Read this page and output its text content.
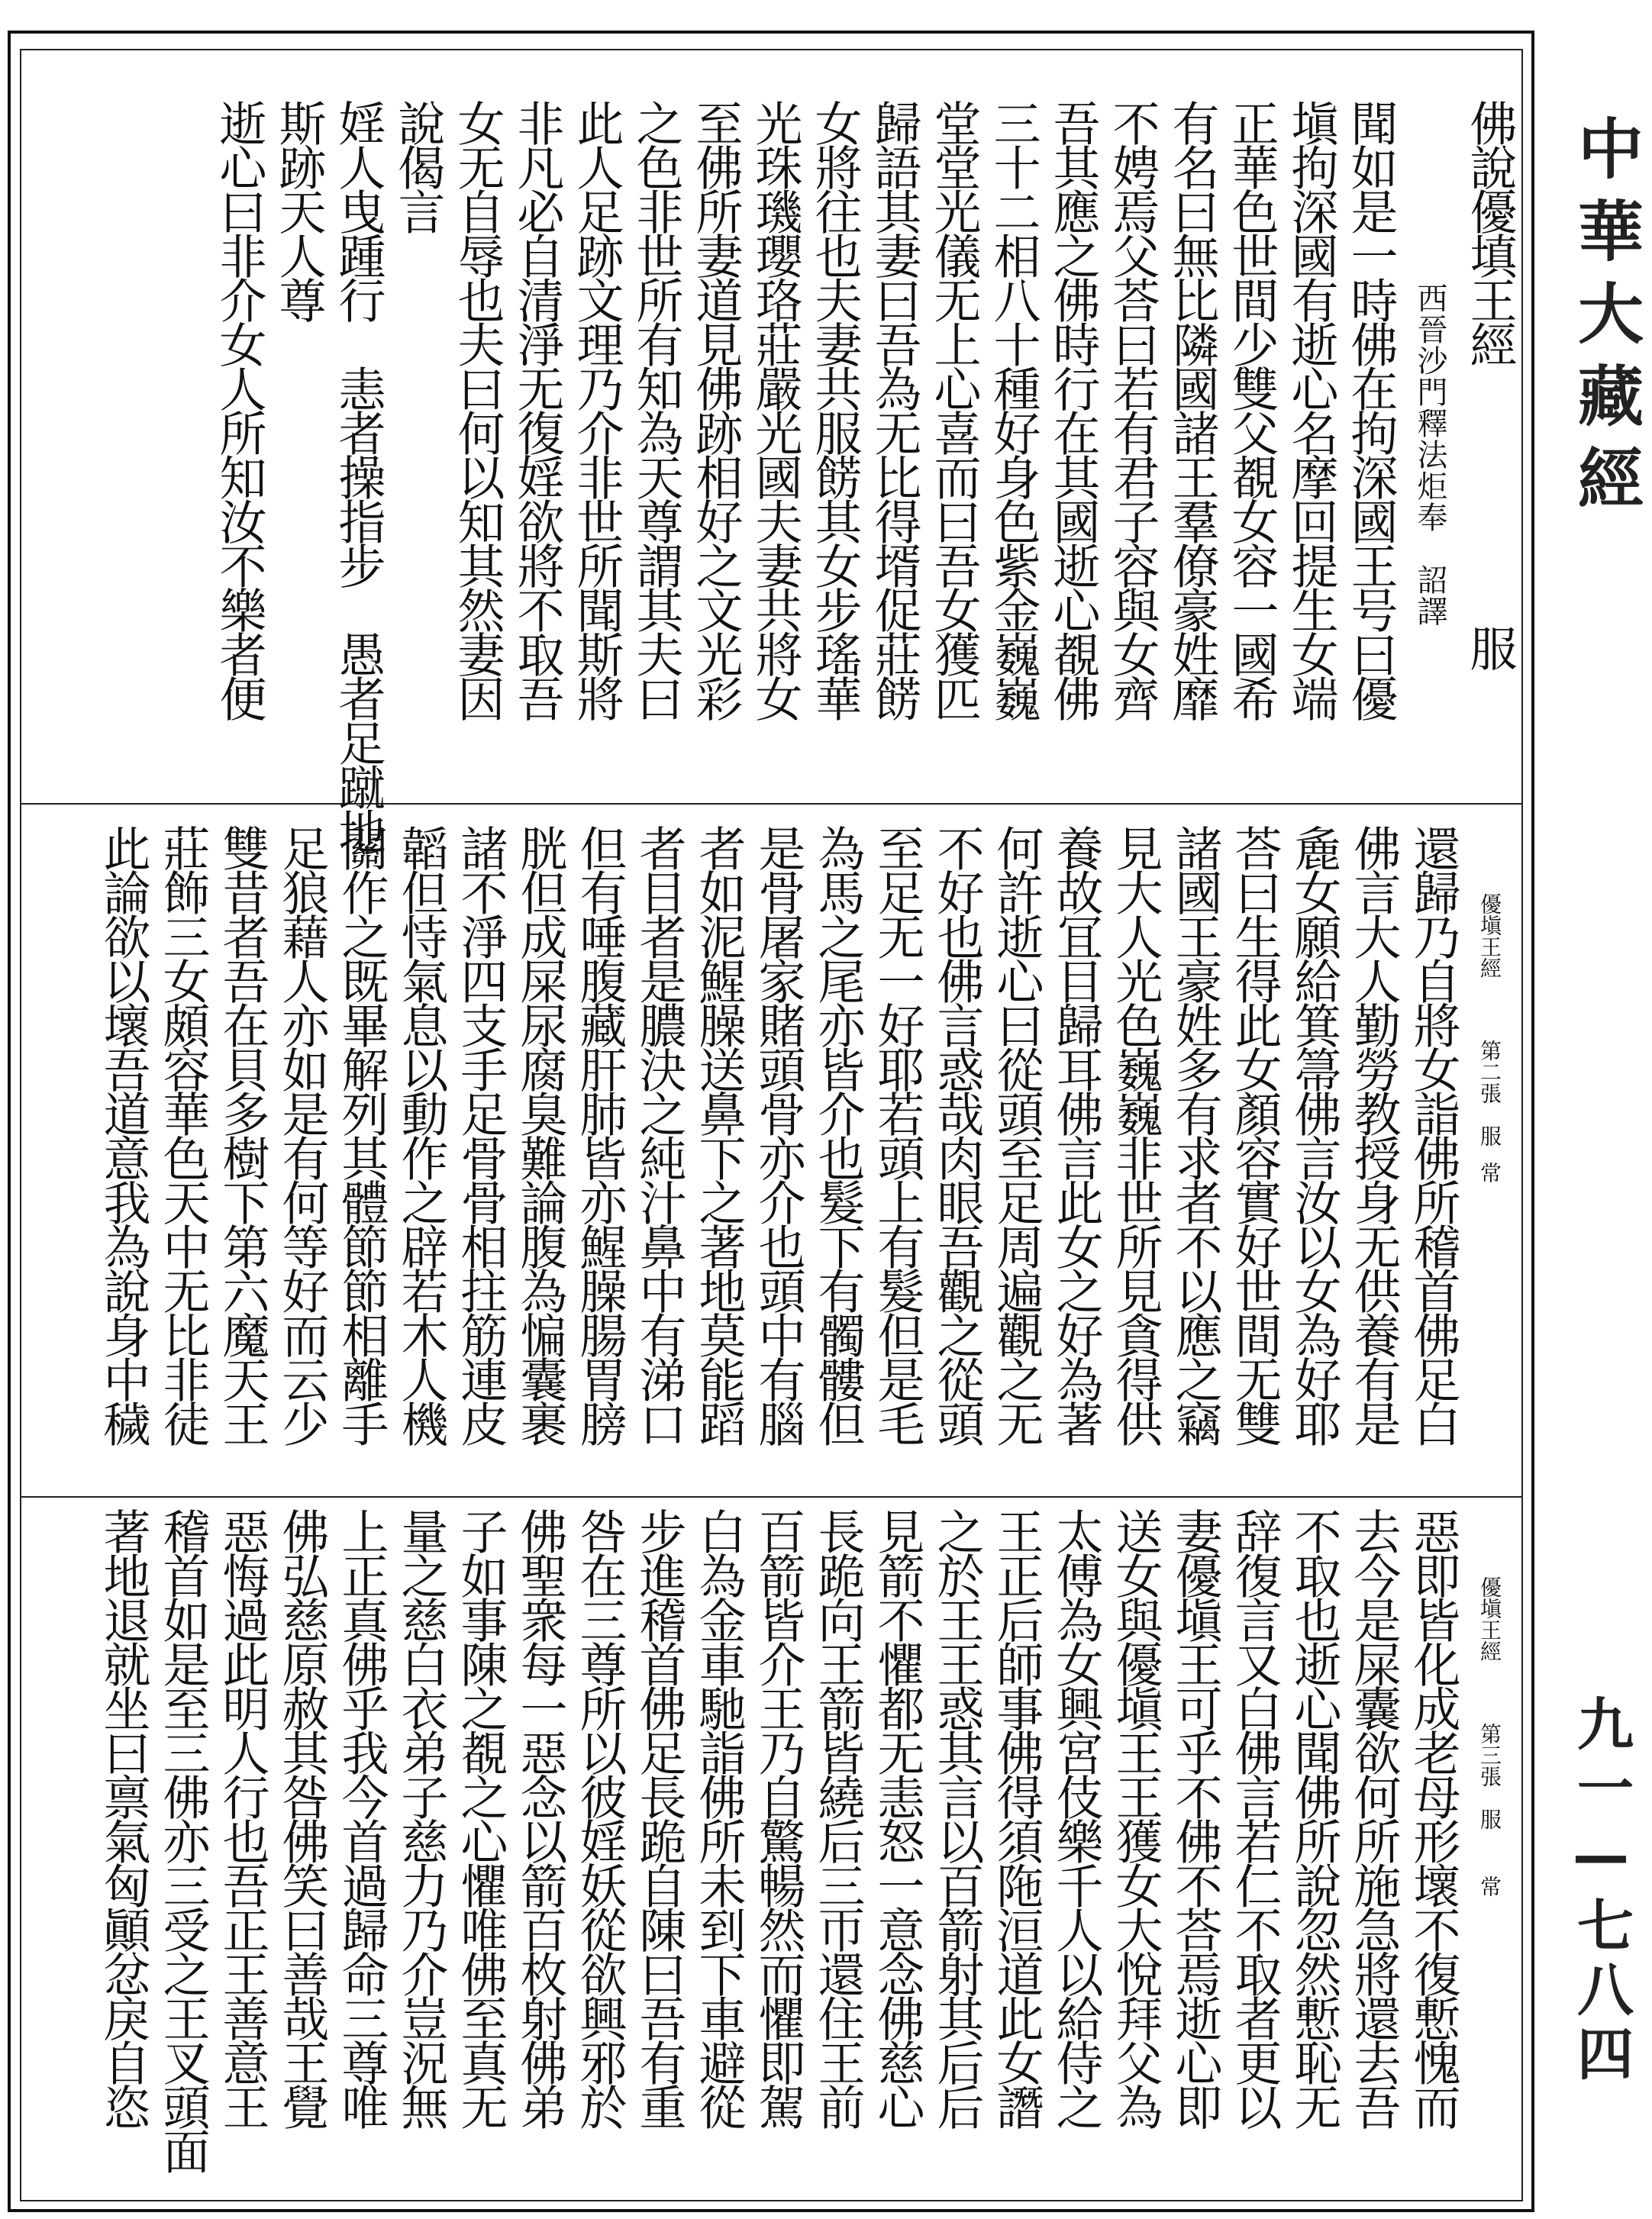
佛說優填王經服
西晉沙門釋法炬奉　詔譯
聞如是一時佛在拘深國王号曰優
塡拘深國有逝心名摩回提生女端
正華色世間少雙父覩女容一國希
有名曰無比隣國諸王羣僚豪姓靡
不娉焉父荅曰若有君子容與女齊
吾其應之佛時行在其國逝心覩佛
三十二相八十種好身色紫金巍巍
堂堂光儀无上心喜而曰吾女獲匹
歸語其妻曰吾為无比得壻促莊餝
女將往也夫妻共服餝其女步瑤華
光珠璣瓔珞莊嚴光國夫妻共將女
至佛所妻道見佛跡相好之文光彩
之色非世所有知為天尊謂其夫曰
此人足跡文理乃介非世所聞斯將
非凡必自清淨无復婬欲將不取吾
女无自辱也夫曰何以知其然妻因
說偈言
婬人曳踵行　恚者操指步　愚者足蹴地
斯跡天人尊
逝心曰非介女人所知汝不樂者便
優塡王經第二張　服常
還歸乃自將女詣佛所稽首佛足白
佛言大人勤勞教授身无供養有是
麁女願給箕箒佛言汝以女為好耶
荅曰生得此女顏容實好世間无雙
諸國王豪姓多有求者不以應之竊
見大人光色巍巍非世所見貪得供
養故冝目歸耳佛言此女之好為著
何許逝心曰從頭至足周遍觀之无
不好也佛言惑哉肉眼吾觀之從頭
至足无一好耶若頭上有髮但是毛
為馬之尾亦皆介也髮下有髑髏但
是骨屠家賭頭骨亦介也頭中有腦
者如泥鯹臊送鼻下之著地莫能蹈
者目者是膿決之純汁鼻中有涕口
但有唾腹藏肝肺皆亦鯹臊腸胃膀
胱但成屎尿腐臭難論腹為惼囊裹
諸不淨四支手足骨骨相拄筋連皮
韜但恃氣息以動作之辟若木人機
關作之既畢解列其體節節相離手
足狼藉人亦如是有何等好而云少
雙昔者吾在貝多樹下第六魔天王
莊飾三女頗容華色天中无比非徒
此論欲以壞吾道意我為說身中穢
優塡王經第三張　服常
惡即皆化成老母形壞不復慙愧而
去今是屎囊欲何所施急將還去吾
不取也逝心聞佛所說忽然慙恥无
辞復言又白佛言若仁不取者更以
妻優塡王可乎不佛不荅焉逝心即
送女與優塡王王獲女大悅拜父為
太傅為女興宮伎樂千人以給侍之
王正后師事佛得須陁洹道此女譖
之於王王惑其言以百箭射其后后
見箭不懼都无恚怒一意念佛慈心
長跪向王箭皆繞后三帀還住王前
百箭皆介王乃自驚暢然而懼即駕
白為金車馳詣佛所未到下車避從
步進稽首佛足長跪自陳曰吾有重
咎在三尊所以彼婬妖從欲興邪於
佛聖衆每一惡念以箭百枚射佛弟
子如事陳之覩之心懼唯佛至真无
量之慈白衣弟子慈力乃介豈況無
上正真佛乎我今首過歸命三尊唯
佛弘慈原赦其咎佛笑曰善哉王覺
惡悔過此明人行也吾正王善意王
稽首如是至三佛亦三受之王叉頭面
著地退就坐曰禀氣匈顚忿戾自恣
中華大藏經
九一—七八四
